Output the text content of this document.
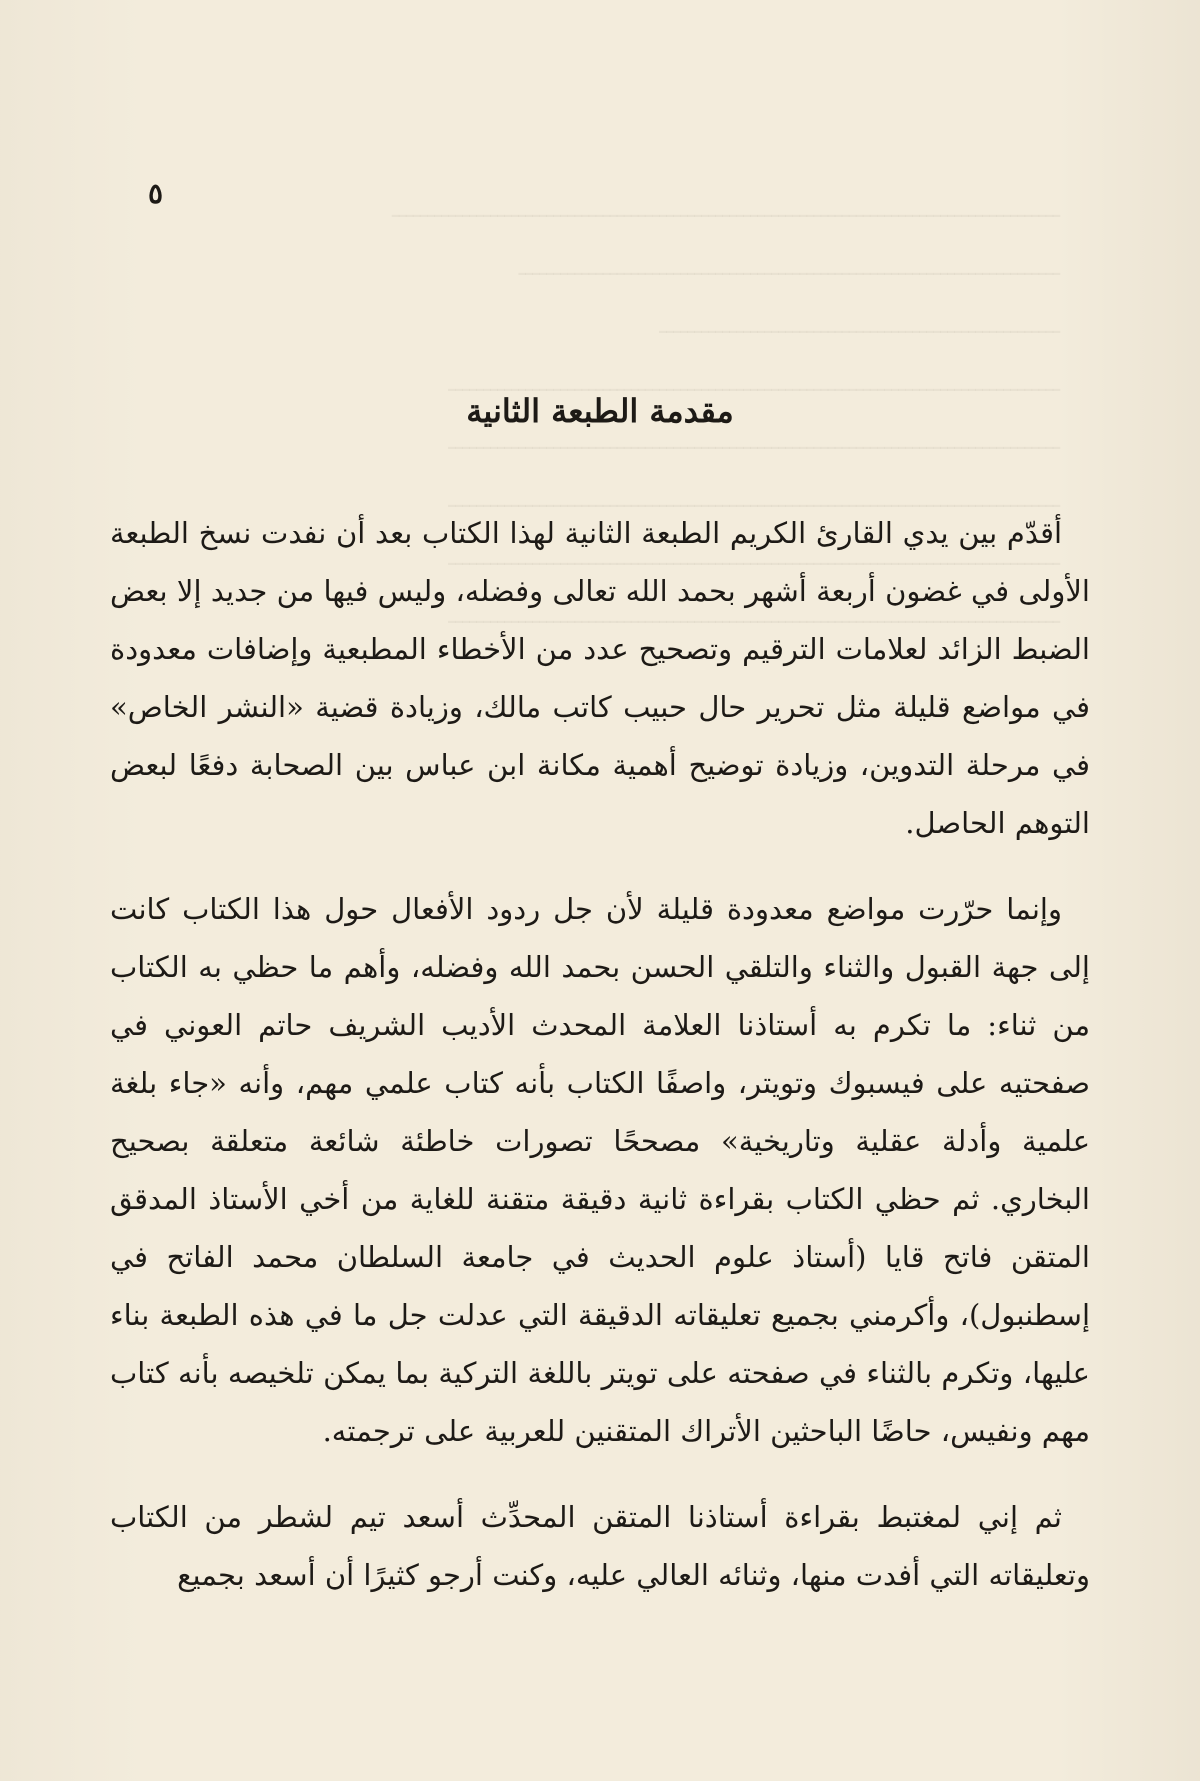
ـــــــــــــــــــــــــــــــــــــــــــــــــــــــــــــــــــــــــــــــــــــــــــــــ
ـــــــــــــــــــــــــــــــــــــــــــــــــــــــــــــــــــــــــــــ
ـــــــــــــــــــــــــــــــــــــــــــــــــــــــــ
ـــــــــــــــــــــــــــــــــــــــــــــــــــــــــــــــــــــــــــــــــــــــ
ـــــــــــــــــــــــــــــــــــــــــــــــــــــــــــــــــــــــــــــــــــــــ
ـــــــــــــــــــــــــــــــــــــــــــــــــــــــــــــــــــــــــــــــــــــــ
ـــــــــــــــــــــــــــــــــــــــــــــــــــــــــــــــــــــــــــــــــــــــ
ـــــــــــــــــــــــــــــــــــــــــــــــــــــــــــــــــــــــــــــــــــــــ
٥
مقدمة الطبعة الثانية

أقدّم بين يدي القارئ الكريم الطبعة الثانية لهذا الكتاب بعد أن نفدت نسخ الطبعة الأولى في غضون أربعة أشهر بحمد الله تعالى وفضله، وليس فيها من جديد إلا بعض الضبط الزائد لعلامات الترقيم وتصحيح عدد من الأخطاء المطبعية وإضافات معدودة في مواضع قليلة مثل تحرير حال حبيب كاتب مالك، وزيادة قضية «النشر الخاص» في مرحلة التدوين، وزيادة توضيح أهمية مكانة ابن عباس بين الصحابة دفعًا لبعض التوهم الحاصل.

وإنما حرّرت مواضع معدودة قليلة لأن جل ردود الأفعال حول هذا الكتاب كانت إلى جهة القبول والثناء والتلقي الحسن بحمد الله وفضله، وأهم ما حظي به الكتاب من ثناء: ما تكرم به أستاذنا العلامة المحدث الأديب الشريف حاتم العوني في صفحتيه على فيسبوك وتويتر، واصفًا الكتاب بأنه كتاب علمي مهم، وأنه «جاء بلغة علمية وأدلة عقلية وتاريخية» مصححًا تصورات خاطئة شائعة متعلقة بصحيح البخاري. ثم حظي الكتاب بقراءة ثانية دقيقة متقنة للغاية من أخي الأستاذ المدقق المتقن فاتح قايا (أستاذ علوم الحديث في جامعة السلطان محمد الفاتح في إسطنبول)، وأكرمني بجميع تعليقاته الدقيقة التي عدلت جل ما في هذه الطبعة بناء عليها، وتكرم بالثناء في صفحته على تويتر باللغة التركية بما يمكن تلخيصه بأنه كتاب مهم ونفيس، حاضًا الباحثين الأتراك المتقنين للعربية على ترجمته.

ثم إني لمغتبط بقراءة أستاذنا المتقن المحدِّث أسعد تيم لشطر من الكتاب وتعليقاته التي أفدت منها، وثنائه العالي عليه، وكنت أرجو كثيرًا أن أسعد بجميع
